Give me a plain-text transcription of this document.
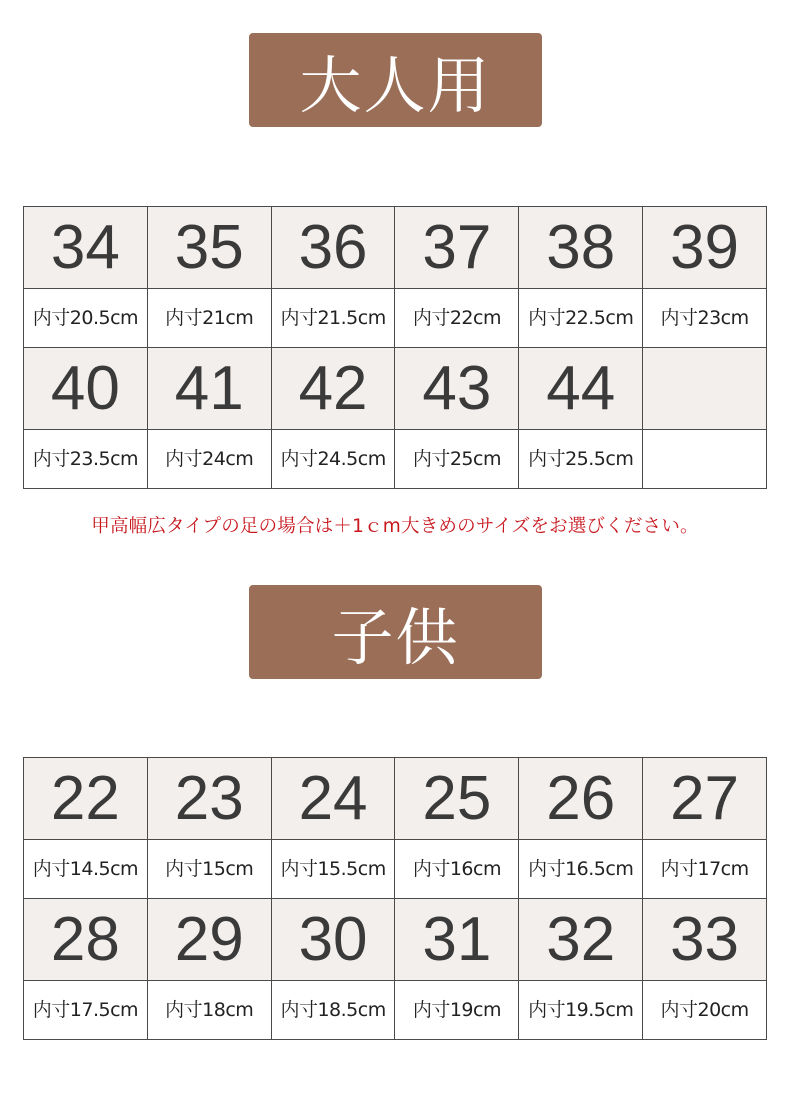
大人用
34	35	36	37	38	39
内寸20.5cm	内寸21cm	内寸21.5cm	内寸22cm	内寸22.5cm	内寸23cm
40	41	42	43	44	
内寸23.5cm	内寸24cm	内寸24.5cm	内寸25cm	内寸25.5cm	
甲高幅広タイプの足の場合は＋1ｃm大きめのサイズをお選びください。
子供
22	23	24	25	26	27
内寸14.5cm	内寸15cm	内寸15.5cm	内寸16cm	内寸16.5cm	内寸17cm
28	29	30	31	32	33
内寸17.5cm	内寸18cm	内寸18.5cm	内寸19cm	内寸19.5cm	内寸20cm
